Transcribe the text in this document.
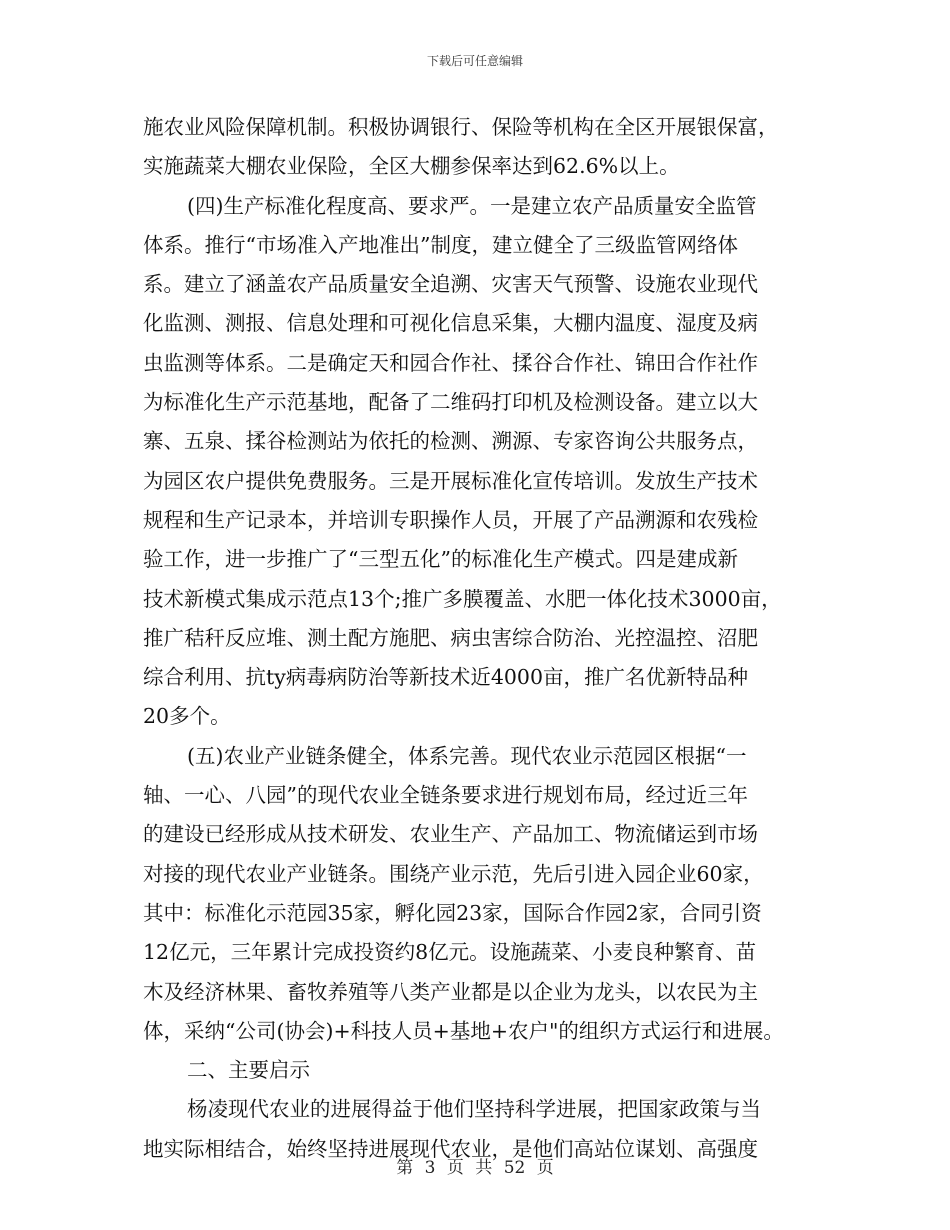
下载后可任意编辑
施农业风险保障机制。积极协调银行、保险等机构在全区开展银保富，
实施蔬菜大棚农业保险，全区大棚参保率达到62.6%以上。
(四)生产标准化程度高、要求严。一是建立农产品质量安全监管
体系。推行“市场准入产地准出”制度，建立健全了三级监管网络体
系。建立了涵盖农产品质量安全追溯、灾害天气预警、设施农业现代
化监测、测报、信息处理和可视化信息采集，大棚内温度、湿度及病
虫监测等体系。二是确定天和园合作社、揉谷合作社、锦田合作社作
为标准化生产示范基地，配备了二维码打印机及检测设备。建立以大
寨、五泉、揉谷检测站为依托的检测、溯源、专家咨询公共服务点，
为园区农户提供免费服务。三是开展标准化宣传培训。发放生产技术
规程和生产记录本，并培训专职操作人员，开展了产品溯源和农残检
验工作，进一步推广了“三型五化”的标准化生产模式。四是建成新
技术新模式集成示范点13个;推广多膜覆盖、水肥一体化技术3000亩，
推广秸秆反应堆、测土配方施肥、病虫害综合防治、光控温控、沼肥
综合利用、抗ty病毒病防治等新技术近4000亩，推广名优新特品种
20多个。
(五)农业产业链条健全，体系完善。现代农业示范园区根据“一
轴、一心、八园”的现代农业全链条要求进行规划布局，经过近三年
的建设已经形成从技术研发、农业生产、产品加工、物流储运到市场
对接的现代农业产业链条。围绕产业示范，先后引进入园企业60家，
其中：标准化示范园35家，孵化园23家，国际合作园2家，合同引资
12亿元，三年累计完成投资约8亿元。设施蔬菜、小麦良种繁育、苗
木及经济林果、畜牧养殖等八类产业都是以企业为龙头，以农民为主
体，采纳“公司(协会)+科技人员+基地+农户"的组织方式运行和进展。
二、主要启示
杨凌现代农业的进展得益于他们坚持科学进展，把国家政策与当
地实际相结合，始终坚持进展现代农业，是他们高站位谋划、高强度
第 3 页 共 52 页
